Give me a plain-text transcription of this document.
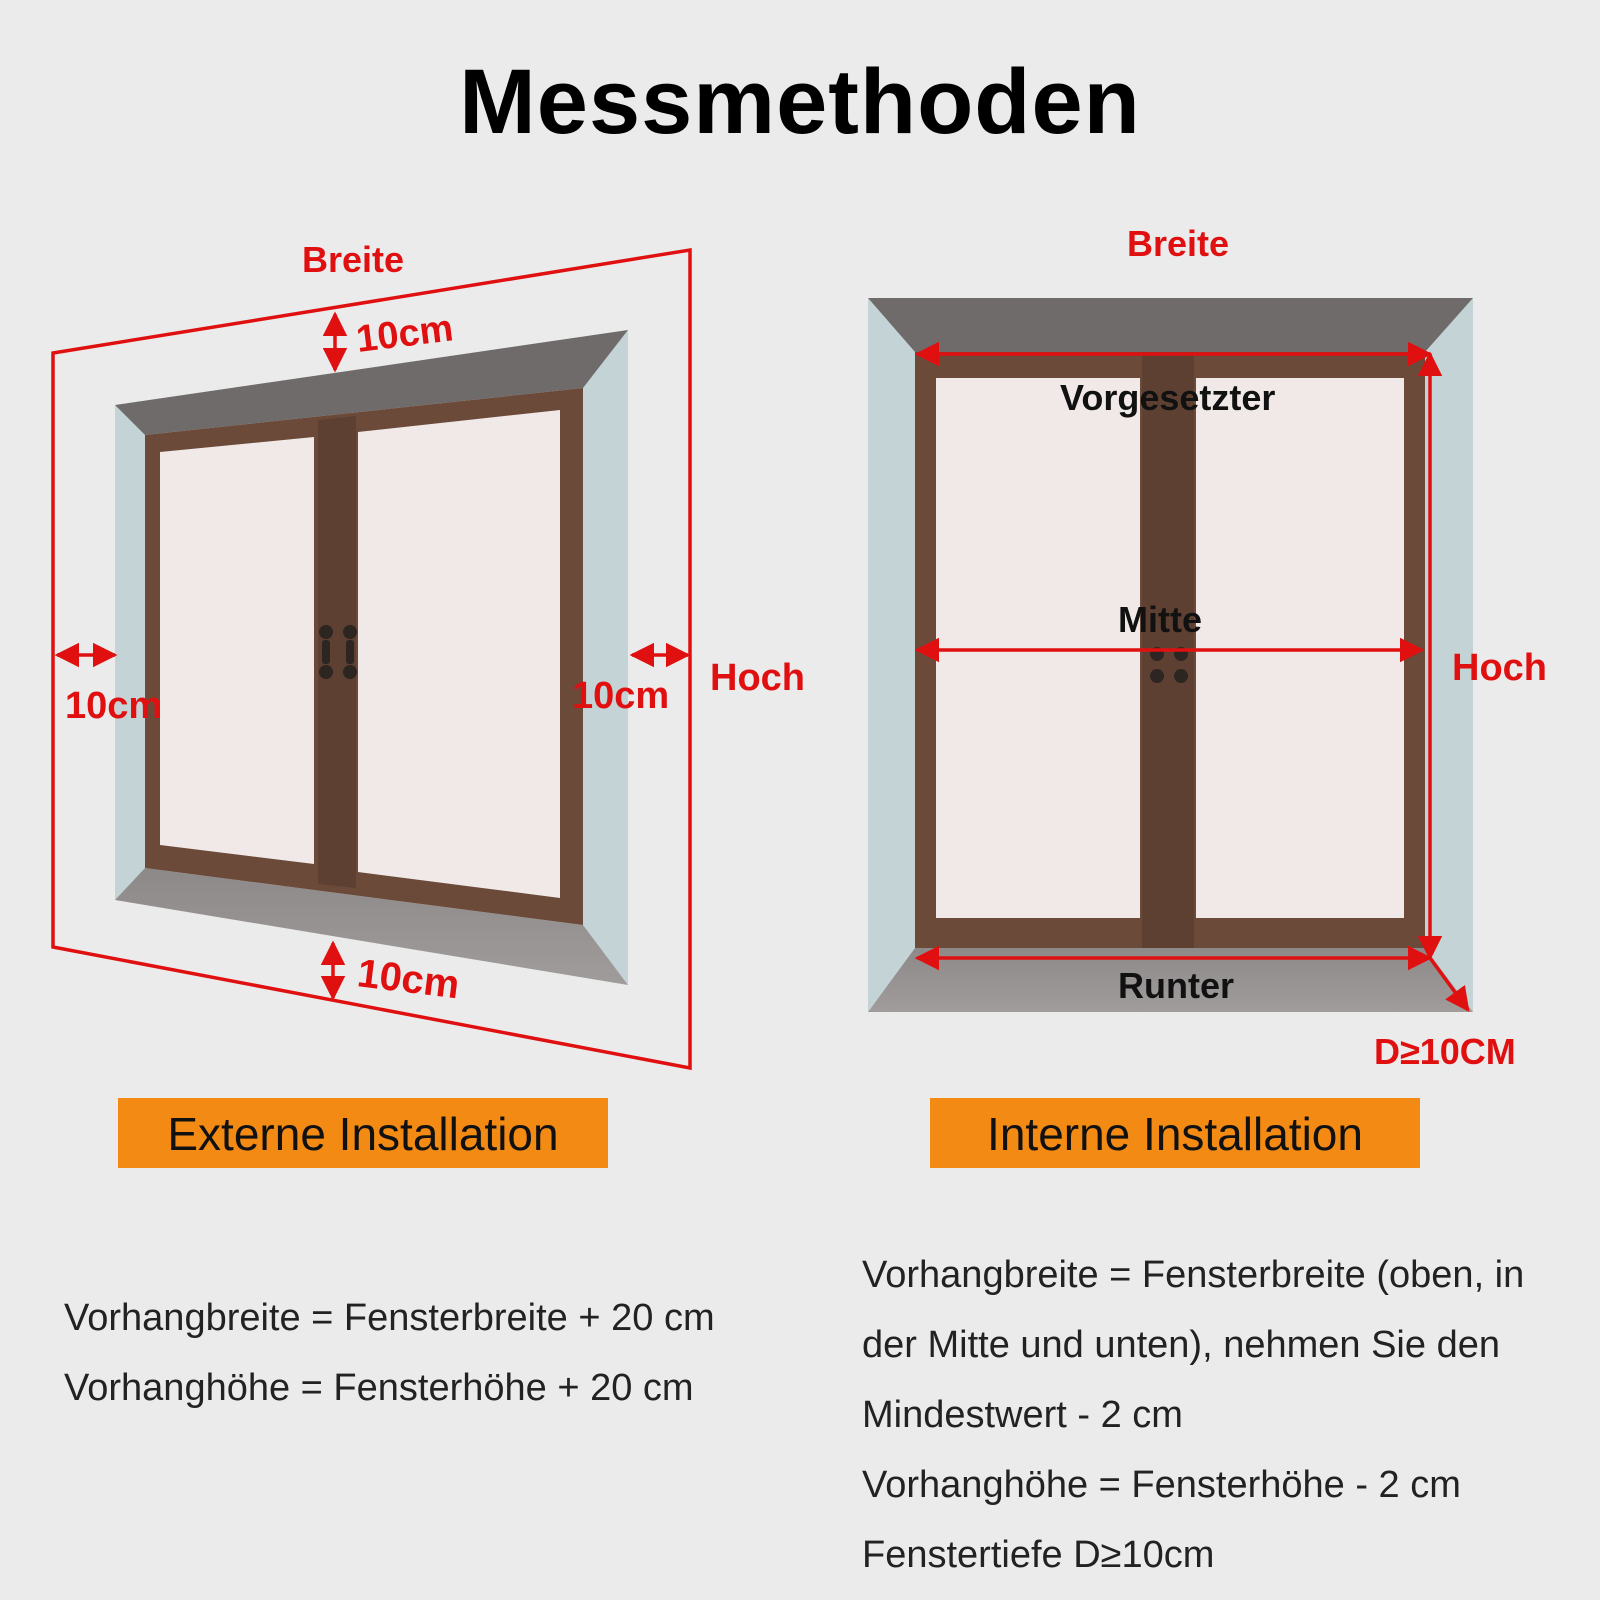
Messmethoden
Breite
Hoch
10cm
10cm	10cm
10cm
Breite
Hoch
Vorgesetzter
Mitte
Runter
D≥10CM
Externe Installation	Interne Installation
Vorhangbreite = Fensterbreite + 20 cm
Vorhanghöhe = Fensterhöhe + 20 cm
Vorhangbreite = Fensterbreite (oben, in
der Mitte und unten), nehmen Sie den
Mindestwert - 2 cm
Vorhanghöhe = Fensterhöhe - 2 cm
Fenstertiefe D≥10cm
